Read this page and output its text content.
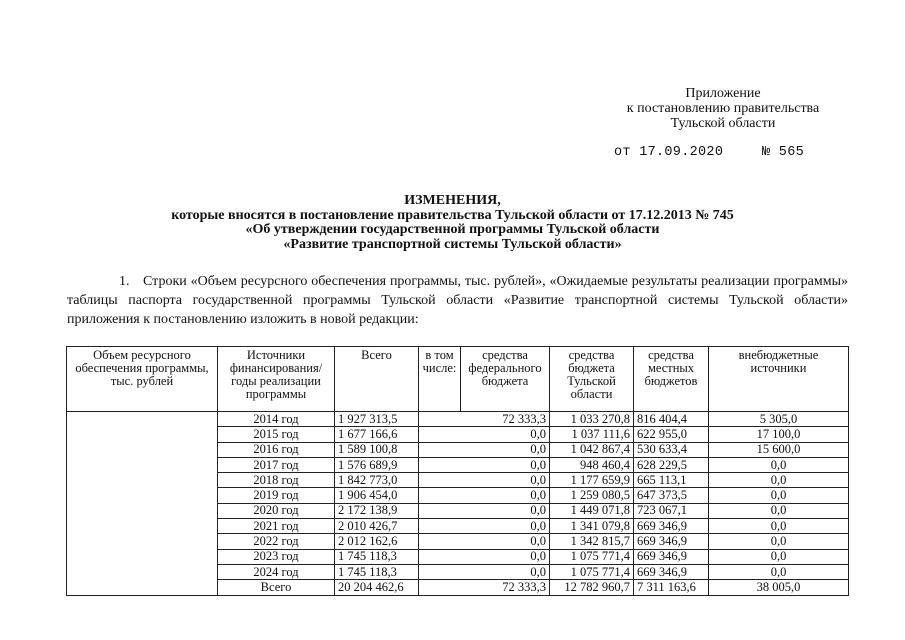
Приложение
к постановлению правительства
Тульской области
от 17.09.2020	№ 565
ИЗМЕНЕНИЯ,
которые вносятся в постановление правительства Тульской области от 17.12.2013 № 745
«Об утверждении государственной программы Тульской области
«Развитие транспортной системы Тульской области»
1. Строки «Объем ресурсного обеспечения программы, тыс. рублей», «Ожидаемые результаты реализации программы» таблицы паспорта государственной программы Тульской области «Развитие транспортной системы Тульской области» приложения к постановлению изложить в новой редакции:
Объем ресурсного обеспечения программы, тыс. рублей	Источники финансирования/ годы реализации программы	Всего	в том числе:	средства федерального бюджета	средства бюджета Тульской области	средства местных бюджетов	внебюджетные источники
	2014 год	1 927 313,5	72 333,3		1 033 270,8	816 404,4	5 305,0
	2015 год	1 677 166,6	0,0		1 037 111,6	622 955,0	17 100,0
	2016 год	1 589 100,8	0,0		1 042 867,4	530 633,4	15 600,0
	2017 год	1 576 689,9	0,0		948 460,4	628 229,5	0,0
	2018 год	1 842 773,0	0,0		1 177 659,9	665 113,1	0,0
	2019 год	1 906 454,0	0,0		1 259 080,5	647 373,5	0,0
	2020 год	2 172 138,9	0,0		1 449 071,8	723 067,1	0,0
	2021 год	2 010 426,7	0,0		1 341 079,8	669 346,9	0,0
	2022 год	2 012 162,6	0,0		1 342 815,7	669 346,9	0,0
	2023 год	1 745 118,3	0,0		1 075 771,4	669 346,9	0,0
	2024 год	1 745 118,3	0,0		1 075 771,4	669 346,9	0,0
	Всего	20 204 462,6	72 333,3		12 782 960,7	7 311 163,6	38 005,0
